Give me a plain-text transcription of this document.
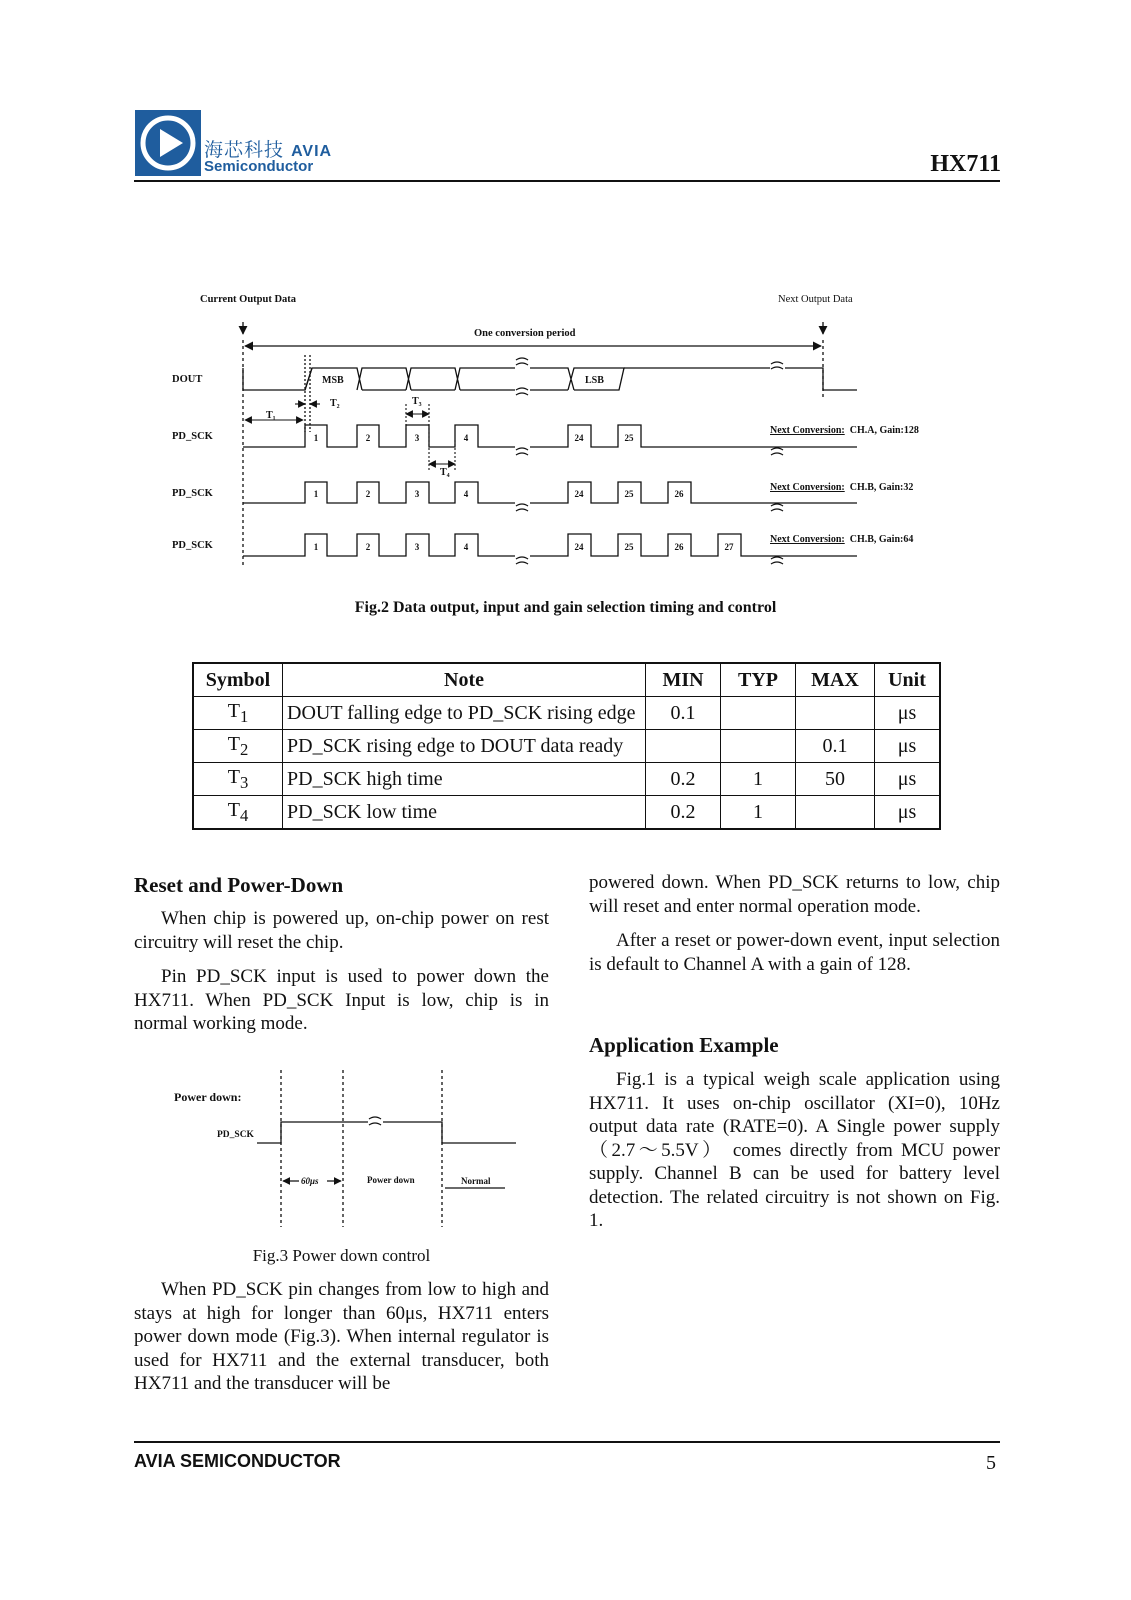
海芯科技 AVIA
Semiconductor	HX711
Current Output Data	Next Output Data
One conversion period
DOUT
PD_SCK
PD_SCK
PD_SCK
MSB	LSB
T₁
T₂	T₃
T₄
1	2	3	4	24	25
1	2	3	4	24	25	26
1	2	3	4	24	25	26	27
Next Conversion: CH.A, Gain:128
Next Conversion: CH.B, Gain:32
Next Conversion: CH.B, Gain:64
Fig.2 Data output, input and gain selection timing and control
Symbol	Note	MIN	TYP	MAX	Unit
$T_1$	DOUT falling edge to PD_SCK rising edge	0.1			μs
$T_2$	PD_SCK rising edge to DOUT data ready			0.1	μs
$T_3$	PD_SCK high time	0.2	1	50	μs
$T_4$	PD_SCK low time	0.2	1		μs
Reset and Power-Down
When chip is powered up, on-chip power on rest circuitry will reset the chip.
Pin PD_SCK input is used to power down the HX711. When PD_SCK Input is low, chip is in normal working mode.
Power down:
PD_SCK
60μs	Power down	Normal
Fig.3 Power down control
When PD_SCK pin changes from low to high and stays at high for longer than 60μs, HX711 enters power down mode (Fig.3). When internal regulator is used for HX711 and the external transducer, both HX711 and the transducer will be
powered down. When PD_SCK returns to low, chip will reset and enter normal operation mode.
After a reset or power-down event, input selection is default to Channel A with a gain of 128.
Application Example
Fig.1 is a typical weigh scale application using HX711. It uses on-chip oscillator (XI=0), 10Hz output data rate (RATE=0). A Single power supply （2.7～5.5V） comes directly from MCU power supply. Channel B can be used for battery level detection. The related circuitry is not shown on Fig. 1.
AVIA SEMICONDUCTOR	5
